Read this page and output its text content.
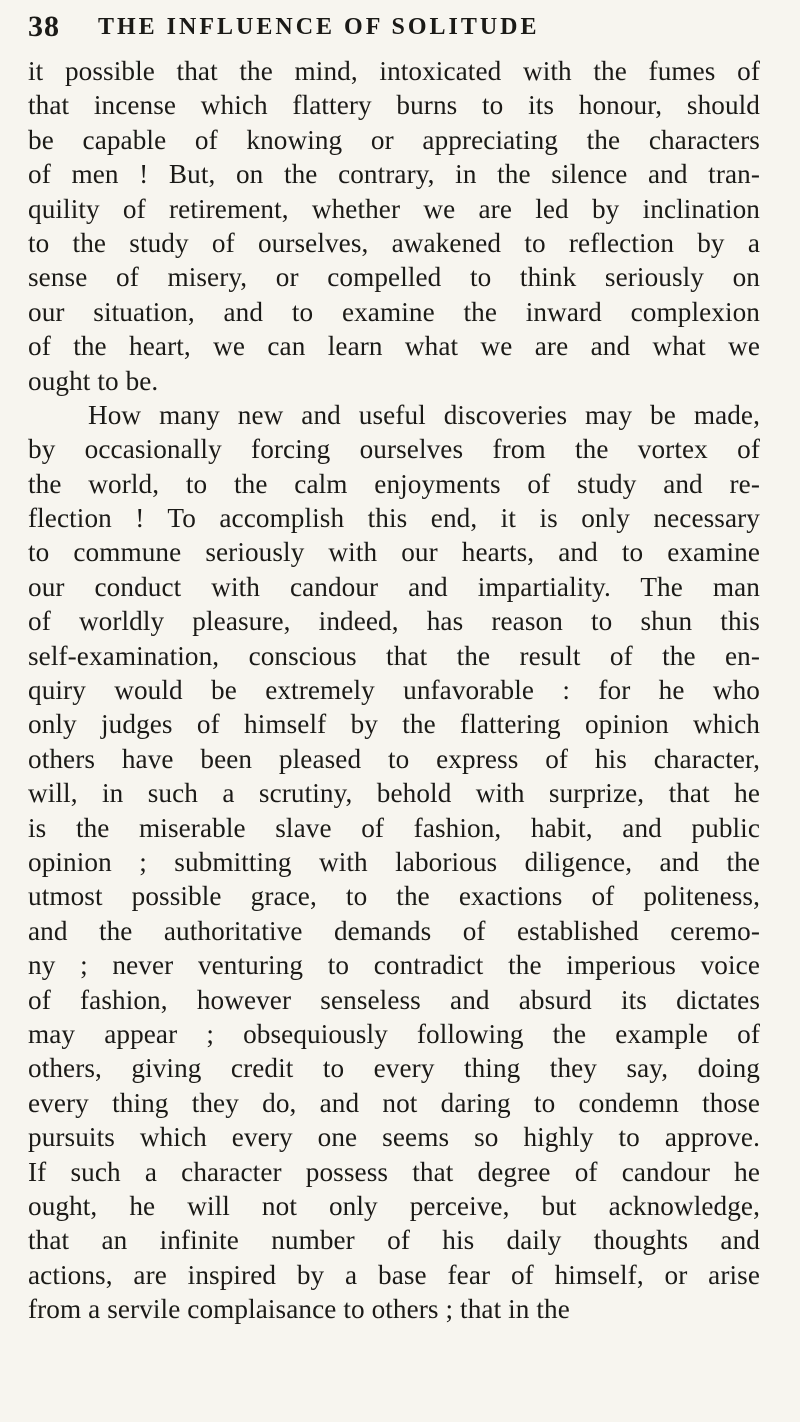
38 THE INFLUENCE OF SOLITUDE
it possible that the mind, intoxicated with the fumes of
that incense which flattery burns to its honour, should
be capable of knowing or appreciating the characters
of men ! But, on the contrary, in the silence and tran-
quility of retirement, whether we are led by inclination
to the study of ourselves, awakened to reflection by a
sense of misery, or compelled to think seriously on
our situation, and to examine the inward complexion
of the heart, we can learn what we are and what we
ought to be.
How many new and useful discoveries may be made,
by occasionally forcing ourselves from the vortex of
the world, to the calm enjoyments of study and re-
flection ! To accomplish this end, it is only necessary
to commune seriously with our hearts, and to examine
our conduct with candour and impartiality. The man
of worldly pleasure, indeed, has reason to shun this
self-examination, conscious that the result of the en-
quiry would be extremely unfavorable : for he who
only judges of himself by the flattering opinion which
others have been pleased to express of his character,
will, in such a scrutiny, behold with surprize, that he
is the miserable slave of fashion, habit, and public
opinion ; submitting with laborious diligence, and the
utmost possible grace, to the exactions of politeness,
and the authoritative demands of established ceremo-
ny ; never venturing to contradict the imperious voice
of fashion, however senseless and absurd its dictates
may appear ; obsequiously following the example of
others, giving credit to every thing they say, doing
every thing they do, and not daring to condemn those
pursuits which every one seems so highly to approve.
If such a character possess that degree of candour he
ought, he will not only perceive, but acknowledge,
that an infinite number of his daily thoughts and
actions, are inspired by a base fear of himself, or arise
from a servile complaisance to others ; that in the
